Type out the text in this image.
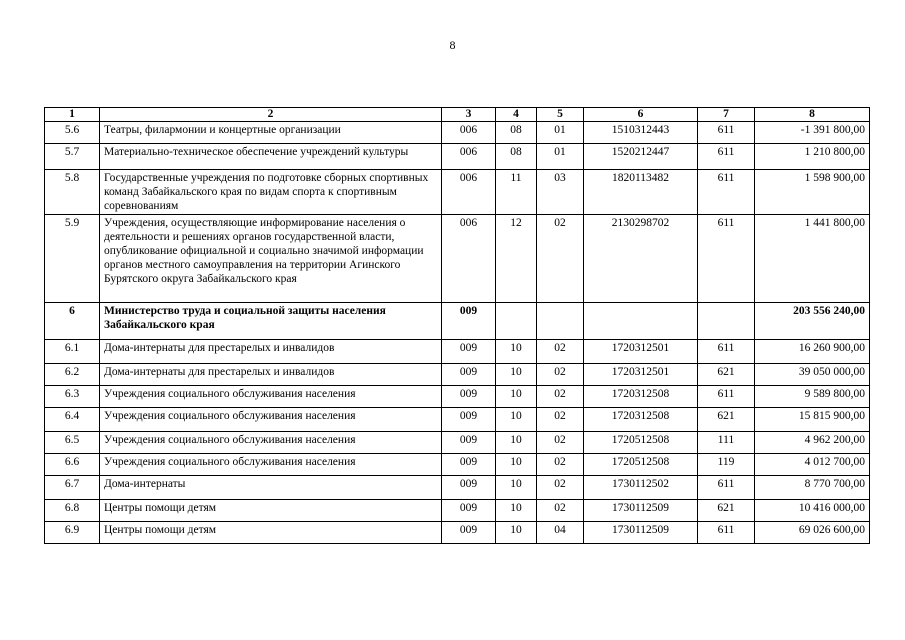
8
1	2	3	4	5	6	7	8
5.6	Театры, филармонии и концертные организации	006	08	01	1510312443	611	-1 391 800,00
5.7	Материально-техническое обеспечение учреждений культуры	006	08	01	1520212447	611	1 210 800,00
5.8	Государственные учреждения по подготовке сборных спортивных команд Забайкальского края по видам спорта к спортивным соревнованиям	006	11	03	1820113482	611	1 598 900,00
5.9	Учреждения, осуществляющие информирование населения о деятельности и решениях органов государственной власти, опубликование официальной и социально значимой информации органов местного самоуправления на территории Агинского Бурятского округа Забайкальского края	006	12	02	2130298702	611	1 441 800,00
6	Министерство труда и социальной защиты населения Забайкальского края	009					203 556 240,00
6.1	Дома-интернаты для престарелых и инвалидов	009	10	02	1720312501	611	16 260 900,00
6.2	Дома-интернаты для престарелых и инвалидов	009	10	02	1720312501	621	39 050 000,00
6.3	Учреждения социального обслуживания населения	009	10	02	1720312508	611	9 589 800,00
6.4	Учреждения социального обслуживания населения	009	10	02	1720312508	621	15 815 900,00
6.5	Учреждения социального обслуживания населения	009	10	02	1720512508	111	4 962 200,00
6.6	Учреждения социального обслуживания населения	009	10	02	1720512508	119	4 012 700,00
6.7	Дома-интернаты	009	10	02	1730112502	611	8 770 700,00
6.8	Центры помощи детям	009	10	02	1730112509	621	10 416 000,00
6.9	Центры помощи детям	009	10	04	1730112509	611	69 026 600,00
